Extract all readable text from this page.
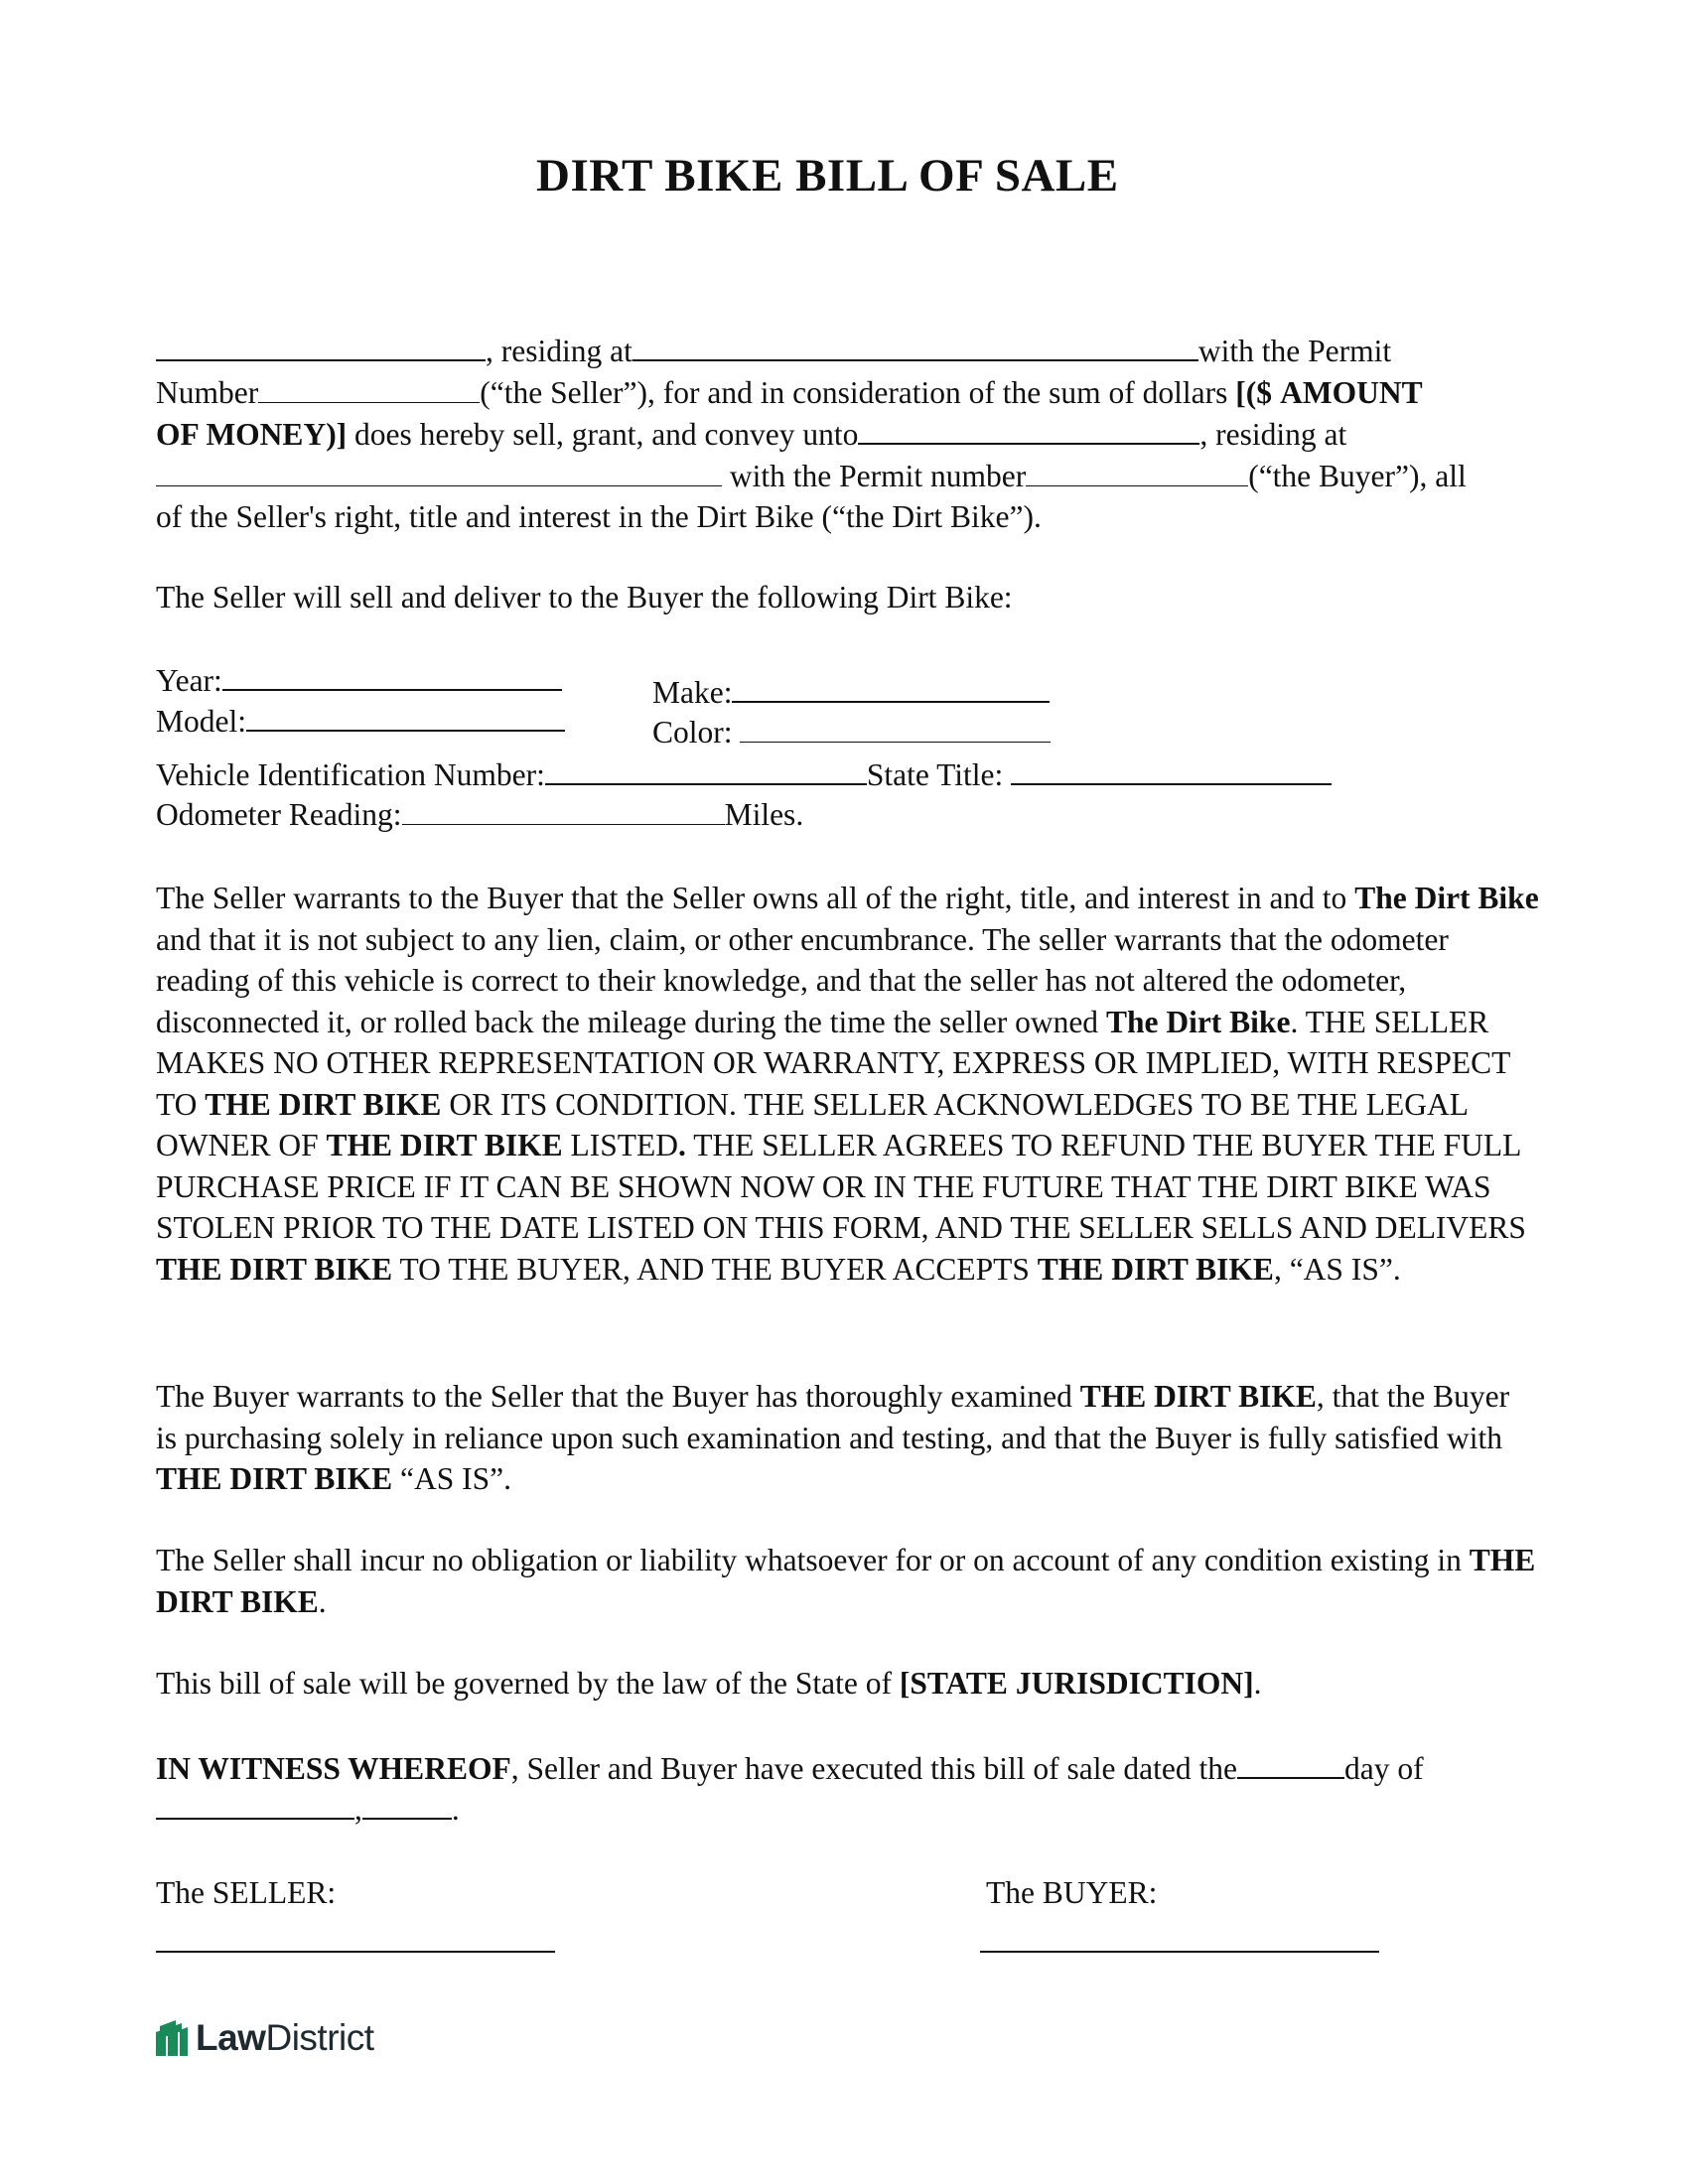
DIRT BIKE BILL OF SALE
, residing at	with the Permit
Number	(“the Seller”), for and in consideration of the sum of dollars [($ AMOUNT
OF MONEY)] does hereby sell, grant, and convey unto	, residing at
with the Permit number	(“the Buyer”), all
of the Seller's right, title and interest in the Dirt Bike (“the Dirt Bike”).
The Seller will sell and deliver to the Buyer the following Dirt Bike:
Year:	Make:
Model:	Color:
Vehicle Identification Number:	State Title:
Odometer Reading:	Miles.
The Seller warrants to the Buyer that the Seller owns all of the right, title, and interest in and to The Dirt Bike and that it is not subject to any lien, claim, or other encumbrance. The seller warrants that the odometer reading of this vehicle is correct to their knowledge, and that the seller has not altered the odometer, disconnected it, or rolled back the mileage during the time the seller owned The Dirt Bike. THE SELLER MAKES NO OTHER REPRESENTATION OR WARRANTY, EXPRESS OR IMPLIED, WITH RESPECT TO THE DIRT BIKE OR ITS CONDITION. THE SELLER ACKNOWLEDGES TO BE THE LEGAL OWNER OF THE DIRT BIKE LISTED. THE SELLER AGREES TO REFUND THE BUYER THE FULL PURCHASE PRICE IF IT CAN BE SHOWN NOW OR IN THE FUTURE THAT THE DIRT BIKE WAS STOLEN PRIOR TO THE DATE LISTED ON THIS FORM, AND THE SELLER SELLS AND DELIVERS THE DIRT BIKE TO THE BUYER, AND THE BUYER ACCEPTS THE DIRT BIKE, “AS IS”.
The Buyer warrants to the Seller that the Buyer has thoroughly examined THE DIRT BIKE, that the Buyer is purchasing solely in reliance upon such examination and testing, and that the Buyer is fully satisfied with THE DIRT BIKE “AS IS”.
The Seller shall incur no obligation or liability whatsoever for or on account of any condition existing in THE DIRT BIKE.
This bill of sale will be governed by the law of the State of [STATE JURISDICTION].
IN WITNESS WHEREOF, Seller and Buyer have executed this bill of sale dated the	day of
,	.
The SELLER:	The BUYER:
LawDistrict
